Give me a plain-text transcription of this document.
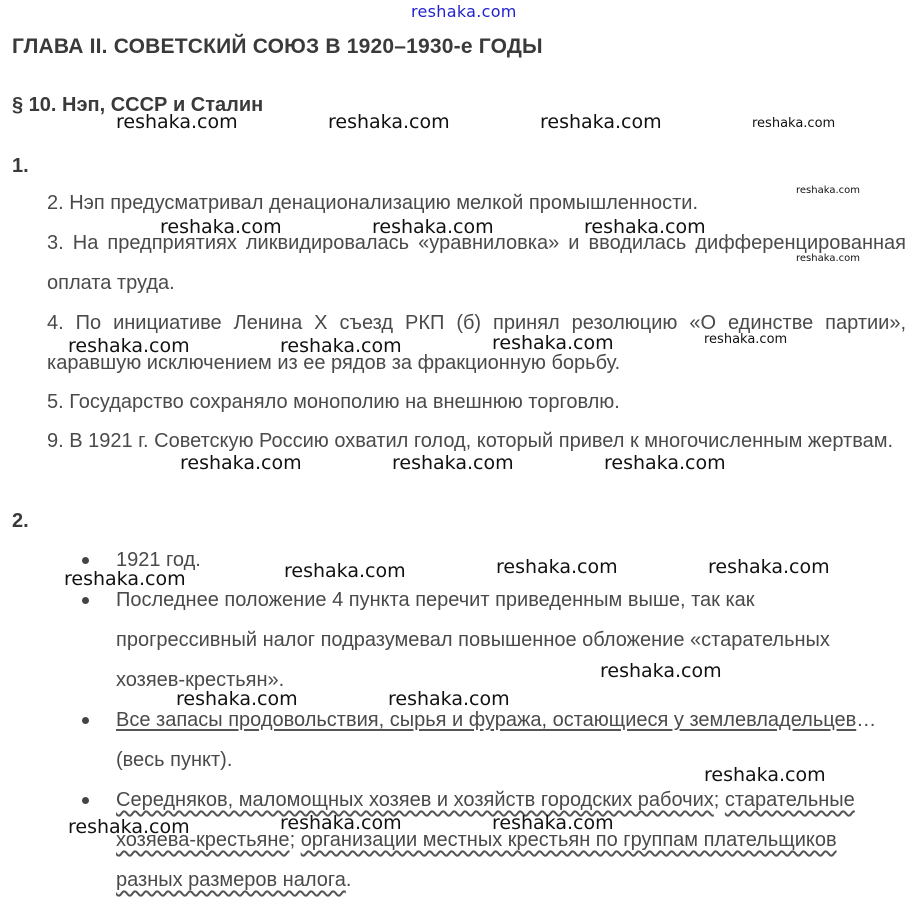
reshaka.com
ГЛАВА II. СОВЕТСКИЙ СОЮЗ В 1920–1930-е ГОДЫ
§ 10. Нэп, СССР и Сталин
1.
2. Нэп предусматривал денационализацию мелкой промышленности.
3. На предприятиях ликвидировалась «уравниловка» и вводилась дифференцированная оплата труда.
4. По инициативе Ленина X съезд РКП (б) принял резолюцию «О единстве партии», каравшую исключением из ее рядов за фракционную борьбу.
5. Государство сохраняло монополию на внешнюю торговлю.
9. В 1921 г. Советскую Россию охватил голод, который привел к многочисленным жертвам.
2.
1921 год.
Последнее положение 4 пункта перечит приведенным выше, так как прогрессивный налог подразумевал повышенное обложение «старательных хозяев-крестьян».
Все запасы продовольствия, сырья и фуража, остающиеся у землевладельцев… (весь пункт).
Середняков, маломощных хозяев и хозяйств городских рабочих; старательные хозяева-крестьяне; организации местных крестьян по группам плательщиков разных размеров налога.
reshaka.com	reshaka.com	reshaka.com	reshaka.com
reshaka.com
reshaka.com	reshaka.com	reshaka.com
reshaka.com
reshaka.com	reshaka.com	reshaka.com	reshaka.com
reshaka.com	reshaka.com	reshaka.com
reshaka.com	reshaka.com	reshaka.com	reshaka.com
reshaka.com
reshaka.com	reshaka.com
reshaka.com
reshaka.com	reshaka.com	reshaka.com
